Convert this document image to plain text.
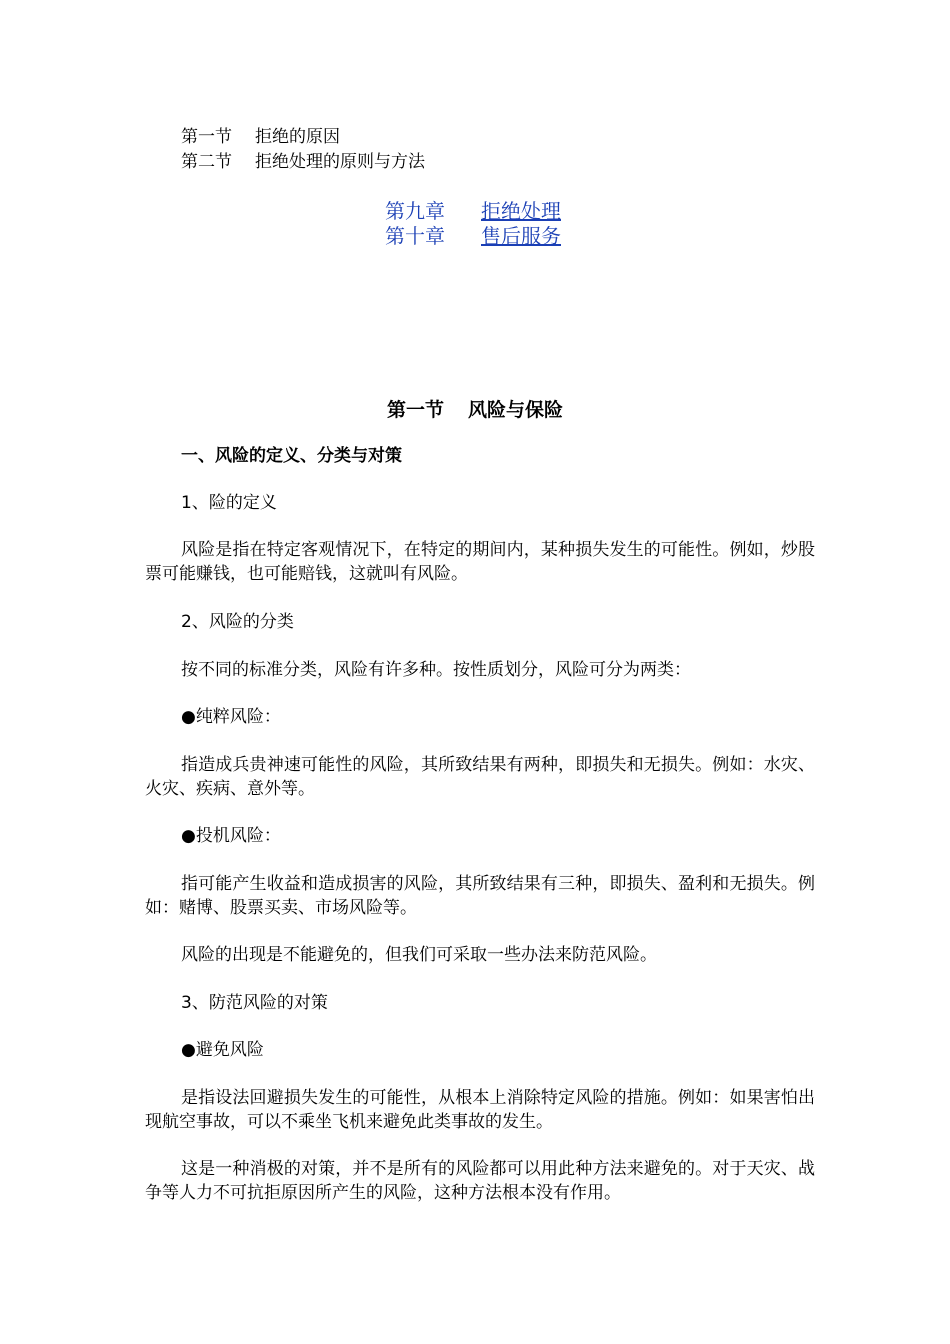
第一节 拒绝的原因
第二节 拒绝处理的原则与方法
第九章 拒绝处理
第十章 售后服务
第一节 风险与保险
一、风险的定义、分类与对策
1、险的定义
风险是指在特定客观情况下，在特定的期间内，某种损失发生的可能性。例如，炒股票可能赚钱，也可能赔钱，这就叫有风险。
2、风险的分类
按不同的标准分类，风险有许多种。按性质划分，风险可分为两类：
●纯粹风险：
指造成兵贵神速可能性的风险，其所致结果有两种，即损失和无损失。例如：水灾、火灾、疾病、意外等。
●投机风险：
指可能产生收益和造成损害的风险，其所致结果有三种，即损失、盈利和无损失。例如：赌博、股票买卖、市场风险等。
风险的出现是不能避免的，但我们可采取一些办法来防范风险。
3、防范风险的对策
●避免风险
是指设法回避损失发生的可能性，从根本上消除特定风险的措施。例如：如果害怕出现航空事故，可以不乘坐飞机来避免此类事故的发生。
这是一种消极的对策，并不是所有的风险都可以用此种方法来避免的。对于天灾、战争等人力不可抗拒原因所产生的风险，这种方法根本没有作用。
